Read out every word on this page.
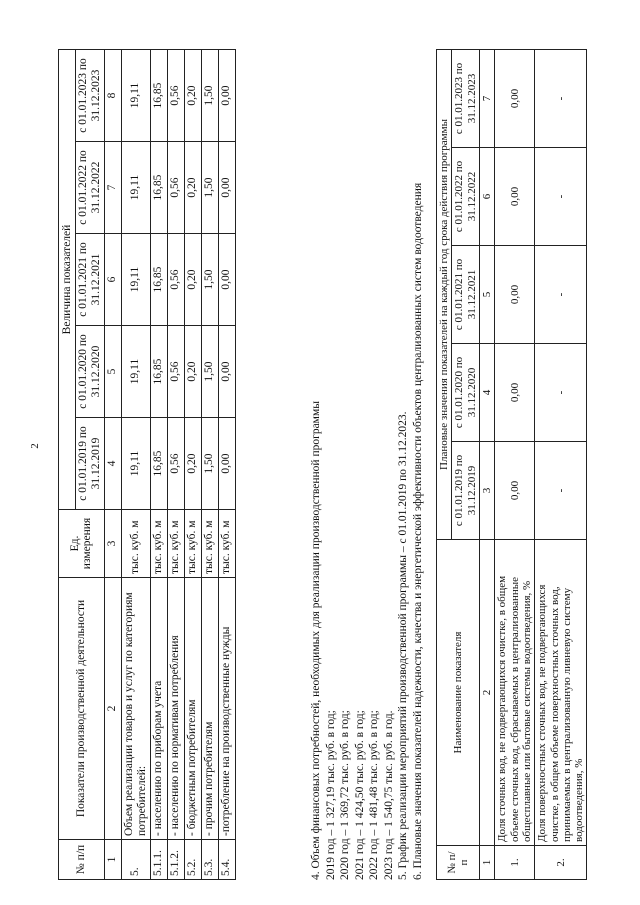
2
№ п/п	Показатели производственной деятельности	Ед. измерения	Величина показателей				
			с 01.01.2019 по 31.12.2019	с 01.01.2020 по 31.12.2020	с 01.01.2021 по 31.12.2021	с 01.01.2022 по 31.12.2022	с 01.01.2023 по 31.12.2023
1	2	3	4	5	6	7	8
5.	Объем реализации товаров и услуг по категориям потребителей:	тыс. куб. м	19,11	19,11	19,11	19,11	19,11
5.1.1.	- населению по приборам учета	тыс. куб. м	16,85	16,85	16,85	16,85	16,85
5.1.2.	- населению по нормативам потребления	тыс. куб. м	0,56	0,56	0,56	0,56	0,56
5.2.	- бюджетным потребителям	тыс. куб. м	0,20	0,20	0,20	0,20	0,20
5.3.	- прочим потребителям	тыс. куб. м	1,50	1,50	1,50	1,50	1,50
5.4.	-потребление на производственные нужды	тыс. куб. м	0,00	0,00	0,00	0,00	0,00
4. Объем финансовых потребностей, необходимых для реализации производственной программы 2019 год – 1 327,19 тыс. руб. в год; 2020 год – 1 369,72 тыс. руб. в год; 2021 год – 1 424,50 тыс. руб. в год; 2022 год – 1 481,48 тыс. руб. в год; 2023 год – 1 540,75 тыс. руб. в год. 5. График реализации мероприятий производственной программы – с 01.01.2019 по 31.12.2023. 6. Плановые значения показателей надежности, качества и энергетической эффективности объектов централизованных систем водоотведения № п/п	Наименование показателя	Плановые значения показателей на каждый год срока действия программы				
		с 01.01.2019 по 31.12.2019	с 01.01.2020 по 31.12.2020	с 01.01.2021 по 31.12.2021	с 01.01.2022 по 31.12.2022	с 01.01.2023 по 31.12.2023
1	2	3	4	5	6	7
1.	Доля сточных вод, не подвергающихся очистке, в общем объеме сточных вод, сбрасываемых в централизованные общесплавные или бытовые системы водоотведения, %	0,00	0,00	0,00	0,00	0,00
2.	Доля поверхностных сточных вод, не подвергающихся очистке, в общем объеме поверхностных сточных вод, принимаемых в централизованную ливневую систему водоотведения, %	-	-	-	-	-
